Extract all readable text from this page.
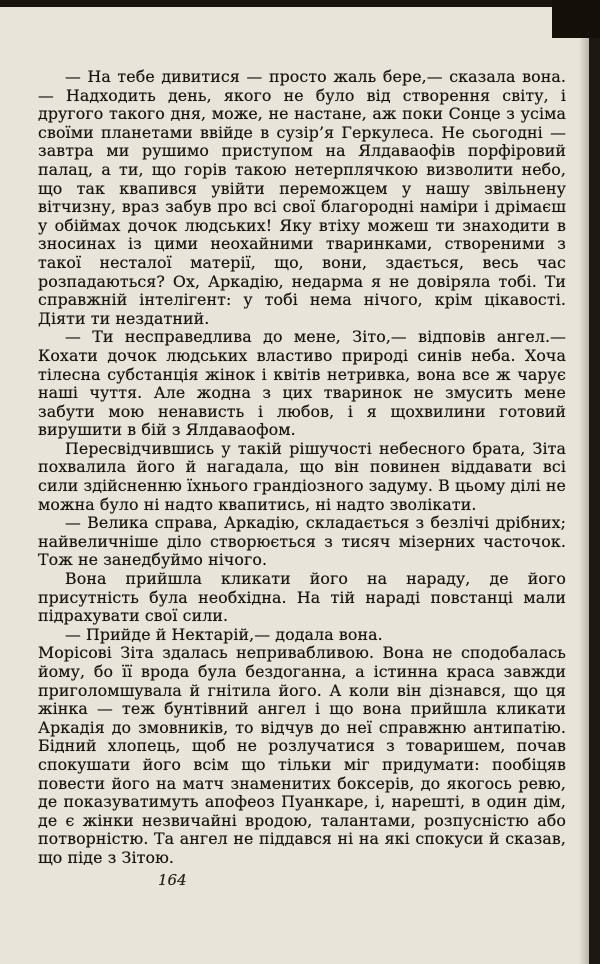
— На тебе дивитися — просто жаль бере,— сказала вона.— Надходить день, якого не було від створення світу, і другого такого дня, може, не настане, аж поки Сонце з усіма своїми планетами ввійде в сузір’я Геркулеса. Не сьогодні — завтра ми рушимо приступом на Ялдаваофів порфіровий палац, а ти, що горів такою нетерплячкою визволити небо, що так квапився увійти переможцем у нашу звільнену вітчизну, враз забув про всі свої благородні наміри і дрімаєш у обіймах дочок людських! Яку втіху можеш ти знаходити в зносинах із цими неохайними тваринками, створеними з такої несталої матерії, що, вони, здається, весь час розпадаються? Ох, Аркадію, недарма я не довіряла тобі. Ти справжній інтелігент: у тобі нема нічого, крім цікавості. Діяти ти нездатний.

— Ти несправедлива до мене, Зіто,— відповів ангел.— Кохати дочок людських властиво природі синів неба. Хоча тілесна субстанція жінок і квітів нетривка, вона все ж чарує наші чуття. Але жодна з цих тваринок не змусить мене забути мою ненависть і любов, і я щохвилини готовий вирушити в бій з Ялдаваофом.

Пересвідчившись у такій рішучості небесного брата, Зіта похвалила його й нагадала, що він повинен віддавати всі сили здійсненню їхнього грандіозного задуму. В цьому ділі не можна було ні надто квапитись, ні надто зволікати.

— Велика справа, Аркадію, складається з безлічі дрібних; найвеличніше діло створюється з тисяч мізерних часточок. Тож не занедбуймо нічого.

Вона прийшла кликати його на нараду, де його присутність була необхідна. На тій нараді повстанці мали підрахувати свої сили.

— Прийде й Нектарій,— додала вона.

Морісові Зіта здалась непривабливою. Вона не сподобалась йому, бо її врода була бездоганна, а істинна краса завжди приголомшувала й гнітила його. А коли він дізнався, що ця жінка — теж бунтівний ангел і що вона прийшла кликати Аркадія до змовників, то відчув до неї справжню антипатію. Бідний хлопець, щоб не розлучатися з товаришем, почав спокушати його всім що тільки міг придумати: пообіцяв повести його на матч знаменитих боксерів, до якогось ревю, де показуватимуть апофеоз Пуанкаре, і, нарешті, в один дім, де є жінки незвичайні вродою, талантами, розпусністю або потворністю. Та ангел не піддався ні на які спокуси й сказав, що піде з Зітою.

164
